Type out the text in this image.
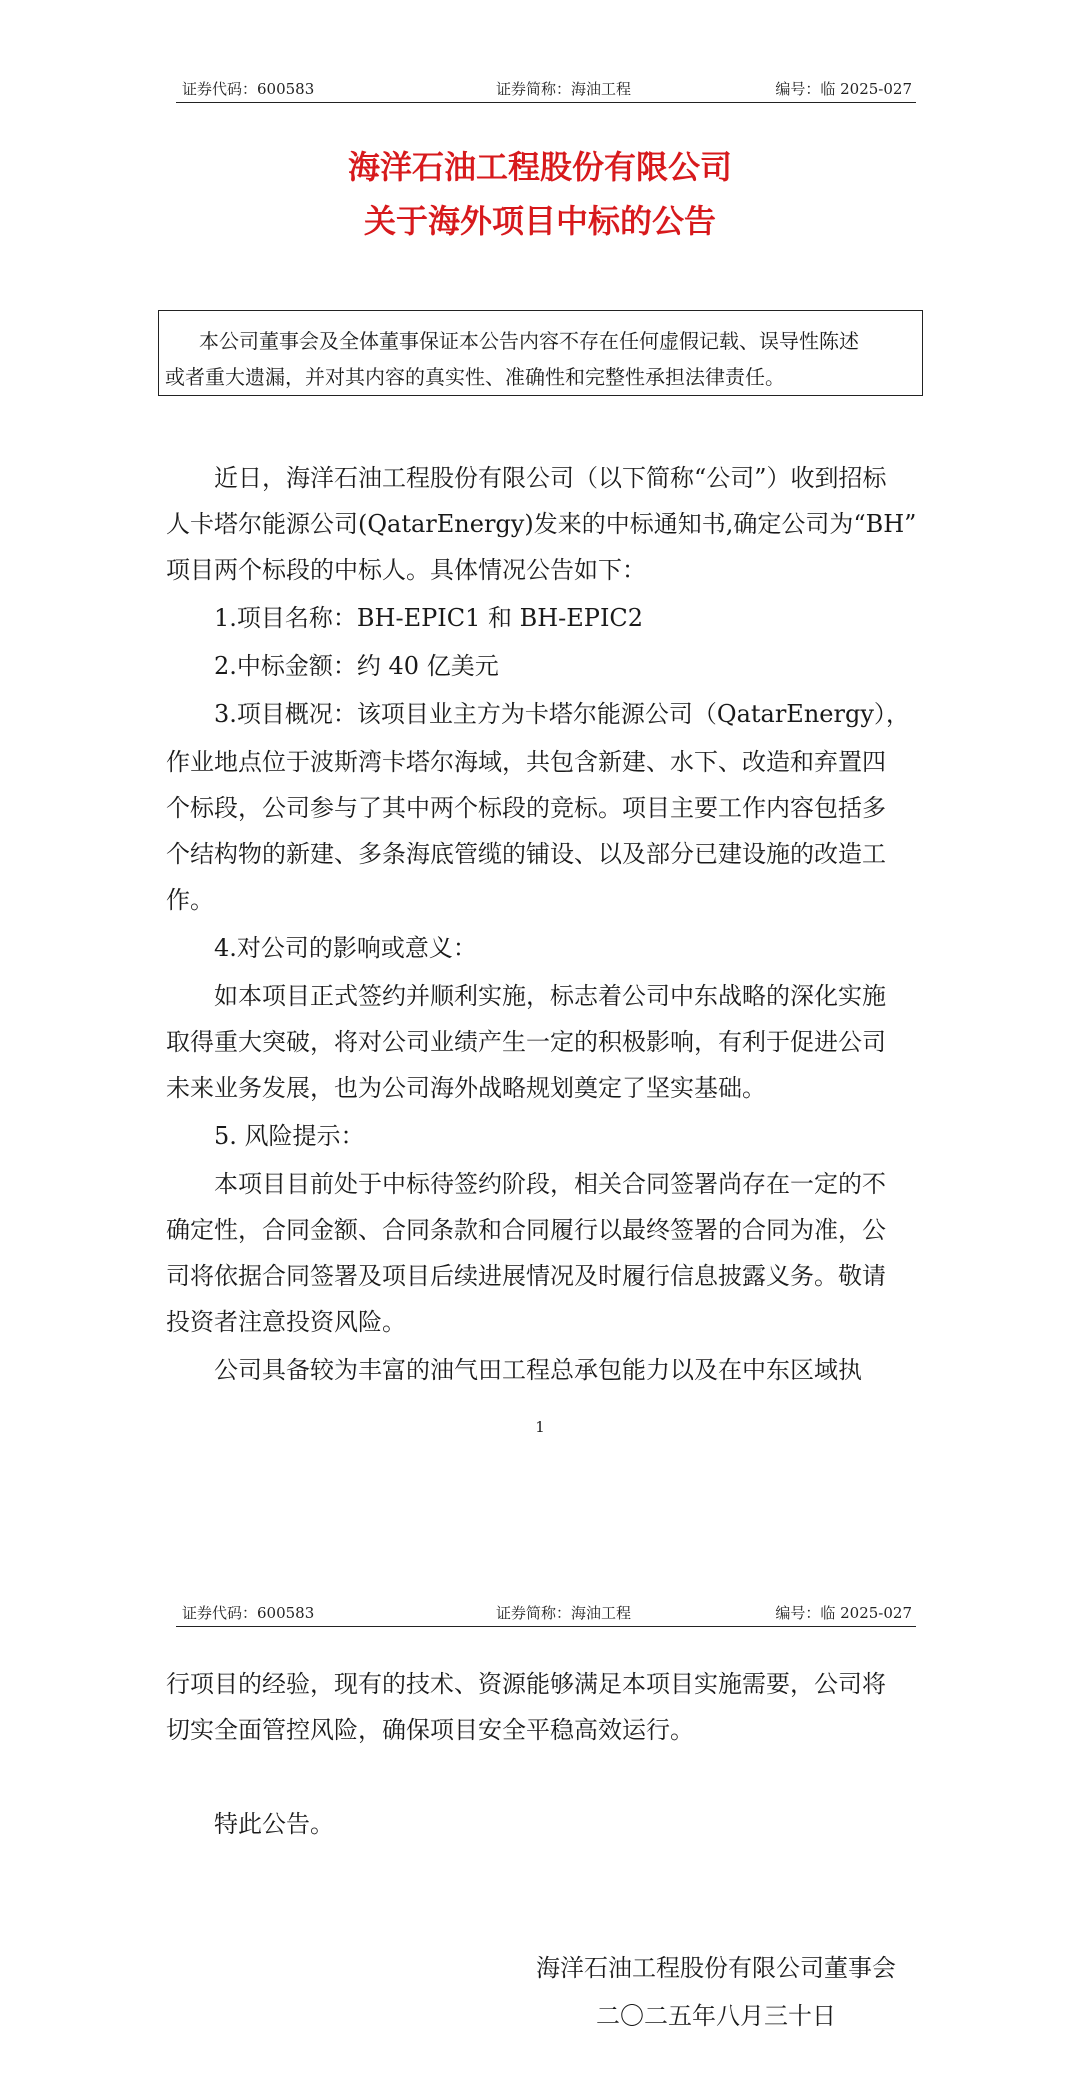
证券代码：600583	证券简称：海油工程	编号：临 2025-027
海洋石油工程股份有限公司
关于海外项目中标的公告
本公司董事会及全体董事保证本公告内容不存在任何虚假记载、误导性陈述
或者重大遗漏，并对其内容的真实性、准确性和完整性承担法律责任。
近日，海洋石油工程股份有限公司（以下简称“公司”）收到招标
人卡塔尔能源公司(QatarEnergy)发来的中标通知书,确定公司为“BH”
项目两个标段的中标人。具体情况公告如下：
1.项目名称：BH-EPIC1 和 BH-EPIC2
2.中标金额：约 40 亿美元
3.项目概况：该项目业主方为卡塔尔能源公司（QatarEnergy），
作业地点位于波斯湾卡塔尔海域，共包含新建、水下、改造和弃置四
个标段，公司参与了其中两个标段的竞标。项目主要工作内容包括多
个结构物的新建、多条海底管缆的铺设、以及部分已建设施的改造工
作。
4.对公司的影响或意义：
如本项目正式签约并顺利实施，标志着公司中东战略的深化实施
取得重大突破，将对公司业绩产生一定的积极影响，有利于促进公司
未来业务发展，也为公司海外战略规划奠定了坚实基础。
5. 风险提示：
本项目目前处于中标待签约阶段，相关合同签署尚存在一定的不
确定性，合同金额、合同条款和合同履行以最终签署的合同为准，公
司将依据合同签署及项目后续进展情况及时履行信息披露义务。敬请
投资者注意投资风险。
公司具备较为丰富的油气田工程总承包能力以及在中东区域执
1
证券代码：600583	证券简称：海油工程	编号：临 2025-027
行项目的经验，现有的技术、资源能够满足本项目实施需要，公司将
切实全面管控风险，确保项目安全平稳高效运行。
特此公告。
海洋石油工程股份有限公司董事会
二〇二五年八月三十日
